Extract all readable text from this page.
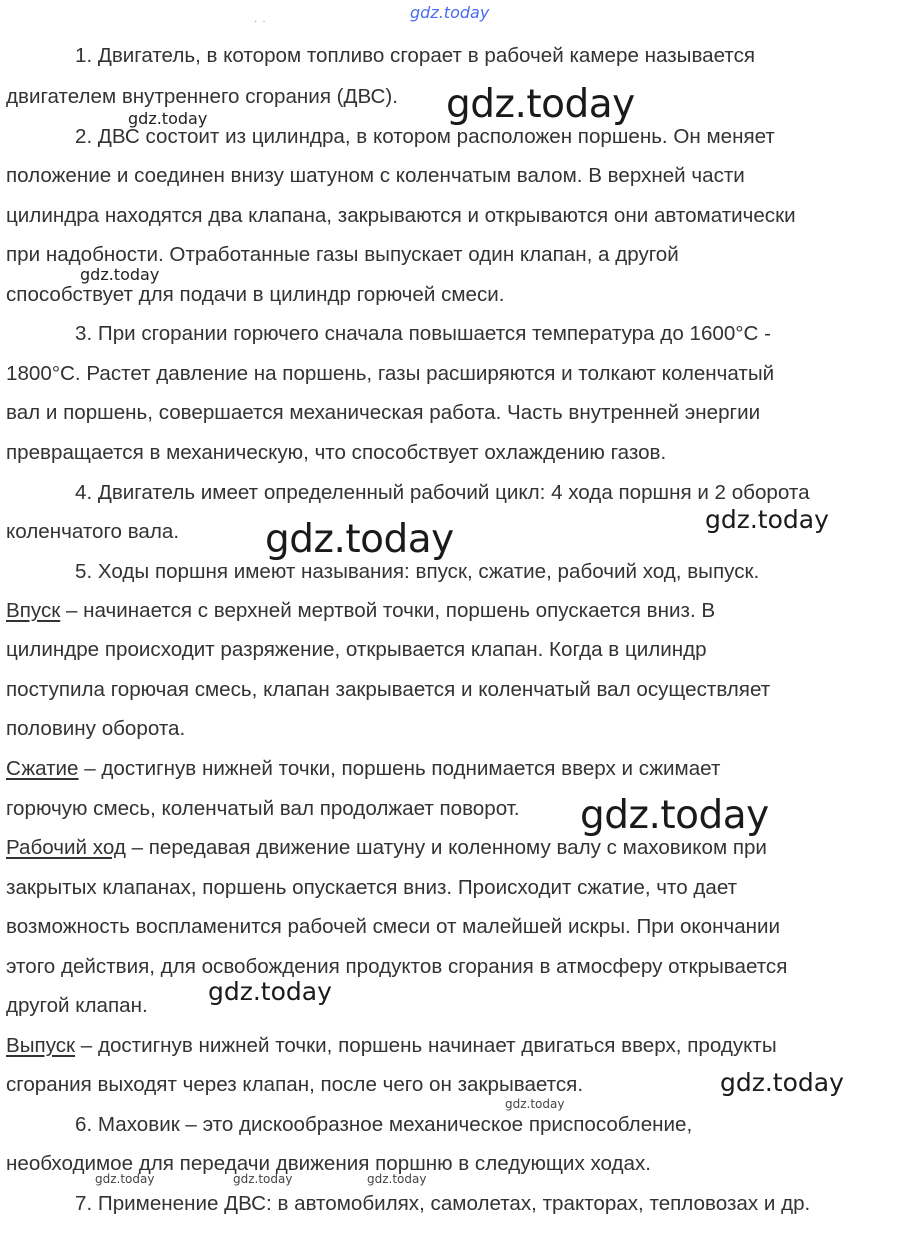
gdz.today
··
1. Двигатель, в котором топливо сгорает в рабочей камере называется
двигателем внутреннего сгорания (ДВС).
2. ДВС состоит из цилиндра, в котором расположен поршень. Он меняет
положение и соединен внизу шатуном с коленчатым валом. В верхней части
цилиндра находятся два клапана, закрываются и открываются они автоматически
при надобности. Отработанные газы выпускает один клапан, а другой
способствует для подачи в цилиндр горючей смеси.
3. При сгорании горючего сначала повышается температура до 1600°С -
1800°С. Растет давление на поршень, газы расширяются и толкают коленчатый
вал и поршень, совершается механическая работа. Часть внутренней энергии
превращается в механическую, что способствует охлаждению газов.
4. Двигатель имеет определенный рабочий цикл: 4 хода поршня и 2 оборота
коленчатого вала.
5. Ходы поршня имеют называния: впуск, сжатие, рабочий ход, выпуск.
Впуск – начинается с верхней мертвой точки, поршень опускается вниз. В
цилиндре происходит разряжение, открывается клапан. Когда в цилиндр
поступила горючая смесь, клапан закрывается и коленчатый вал осуществляет
половину оборота.
Сжатие – достигнув нижней точки, поршень поднимается вверх и сжимает
горючую смесь, коленчатый вал продолжает поворот.
Рабочий ход – передавая движение шатуну и коленному валу с маховиком при
закрытых клапанах, поршень опускается вниз. Происходит сжатие, что дает
возможность воспламенится рабочей смеси от малейшей искры. При окончании
этого действия, для освобождения продуктов сгорания в атмосферу открывается
другой клапан.
Выпуск – достигнув нижней точки, поршень начинает двигаться вверх, продукты
сгорания выходят через клапан, после чего он закрывается.
6. Маховик – это дискообразное механическое приспособление,
необходимое для передачи движения поршню в следующих ходах.
7. Применение ДВС: в автомобилях, самолетах, тракторах, тепловозах и др.
gdz.today
gdz.today
gdz.today
gdz.today	gdz.today
gdz.today
gdz.today
gdz.today
gdz.today
gdz.today	gdz.today	gdz.today
